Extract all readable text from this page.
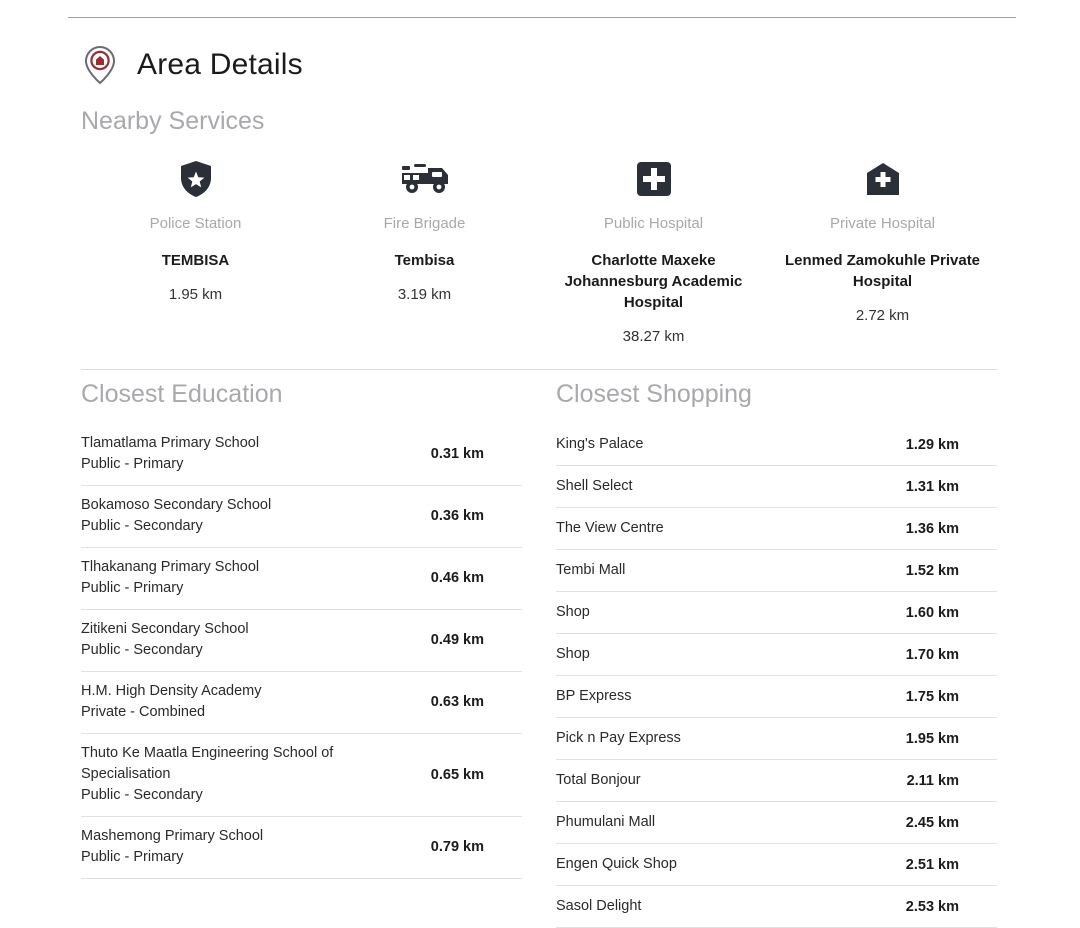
Area Details
Nearby Services
Police Station
TEMBISA
1.95 km
Fire Brigade
Tembisa
3.19 km
Public Hospital
Charlotte Maxeke Johannesburg Academic Hospital
38.27 km
Private Hospital
Lenmed Zamokuhle Private Hospital
2.72 km
Closest Education
Tlamatlama Primary School
Public - Primary
0.31 km
Bokamoso Secondary School
Public - Secondary
0.36 km
Tlhakanang Primary School
Public - Primary
0.46 km
Zitikeni Secondary School
Public - Secondary
0.49 km
H.M. High Density Academy
Private - Combined
0.63 km
Thuto Ke Maatla Engineering School of Specialisation
Public - Secondary
0.65 km
Mashemong Primary School
Public - Primary
0.79 km
Closest Shopping
King's Palace	1.29 km
Shell Select	1.31 km
The View Centre	1.36 km
Tembi Mall	1.52 km
Shop	1.60 km
Shop	1.70 km
BP Express	1.75 km
Pick n Pay Express	1.95 km
Total Bonjour	2.11 km
Phumulani Mall	2.45 km
Engen Quick Shop	2.51 km
Sasol Delight	2.53 km
